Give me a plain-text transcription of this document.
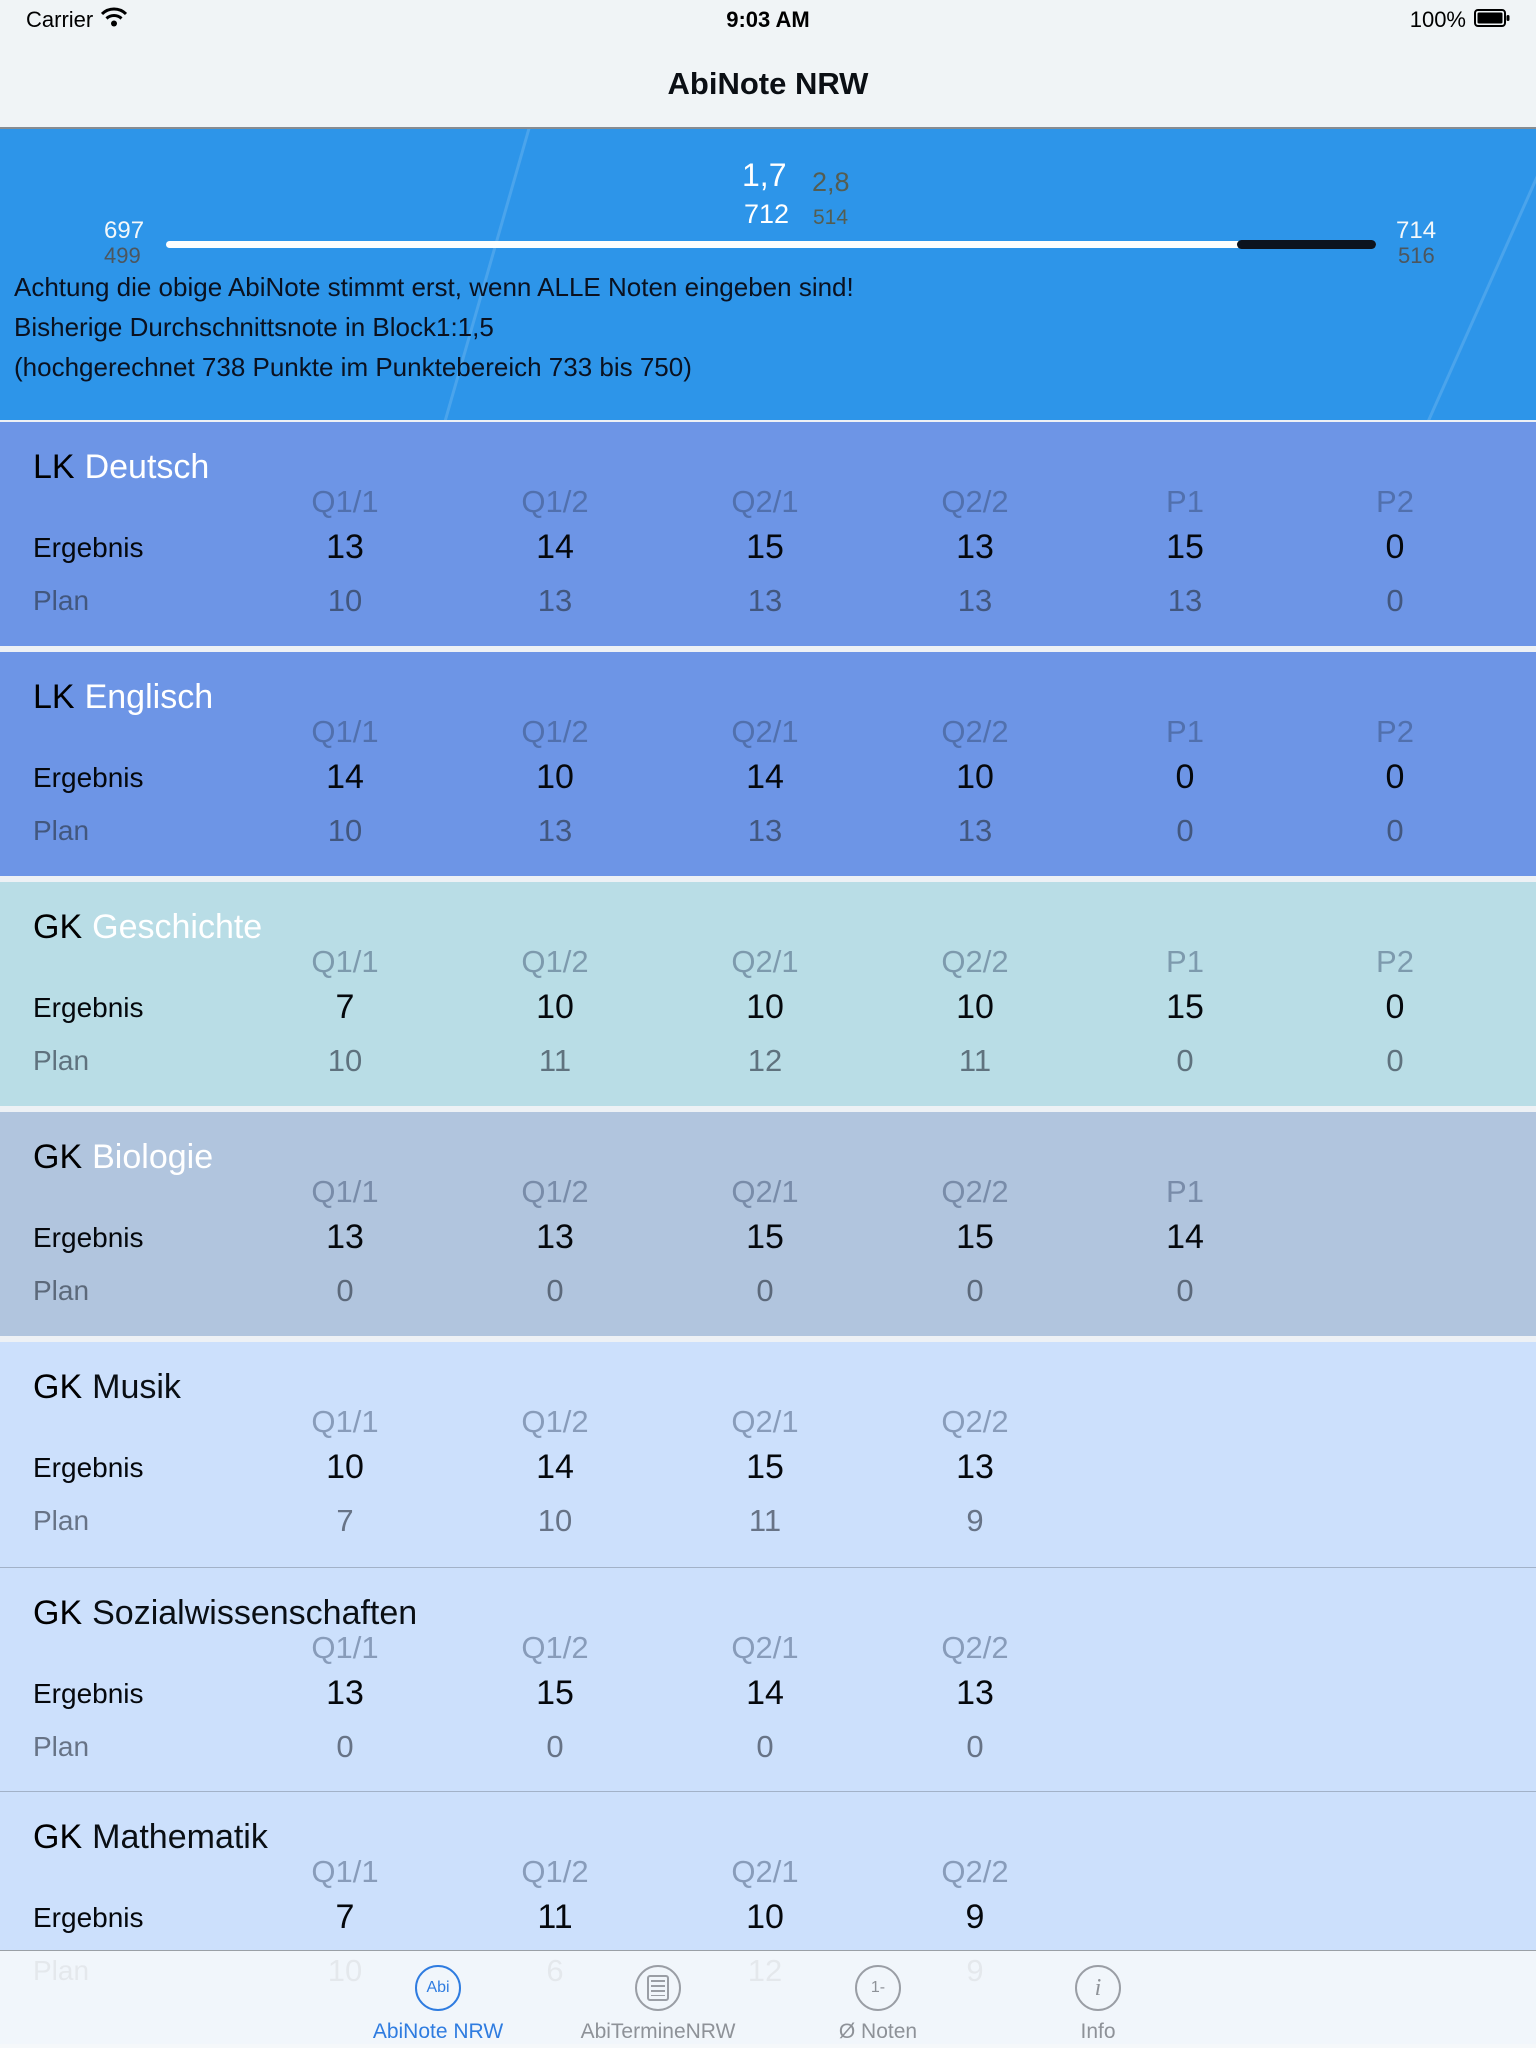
Carrier	9:03 AM	100%
AbiNote NRW
1,7 2,8
712 514
697
499
714
516
Achtung die obige AbiNote stimmt erst, wenn ALLE Noten eingeben sind!
Bisherige Durchschnittsnote in Block1:1,5
(hochgerechnet 738 Punkte im Punktebereich 733 bis 750)
LK Deutsch
Q1/1	Q1/2	Q2/1	Q2/2	P1	P2
Ergebnis	13	14	15	13	15	0
Plan	10	13	13	13	13	0
LK Englisch
Q1/1	Q1/2	Q2/1	Q2/2	P1	P2
Ergebnis	14	10	14	10	0	0
Plan	10	13	13	13	0	0
GK Geschichte
Q1/1	Q1/2	Q2/1	Q2/2	P1	P2
Ergebnis	7	10	10	10	15	0
Plan	10	11	12	11	0	0
GK Biologie
Q1/1	Q1/2	Q2/1	Q2/2	P1
Ergebnis	13	13	15	15	14
Plan	0	0	0	0	0
GK Musik
Q1/1	Q1/2	Q2/1	Q2/2
Ergebnis	10	14	15	13
Plan	7	10	11	9
GK Sozialwissenschaften
Q1/1	Q1/2	Q2/1	Q2/2
Ergebnis	13	15	14	13
Plan	0	0	0	0
GK Mathematik
Q1/1	Q1/2	Q2/1	Q2/2
Ergebnis	7	11	10	9
Abi
AbiNote NRW	AbiTermineNRW
1-
Ø Noten
i
Info
